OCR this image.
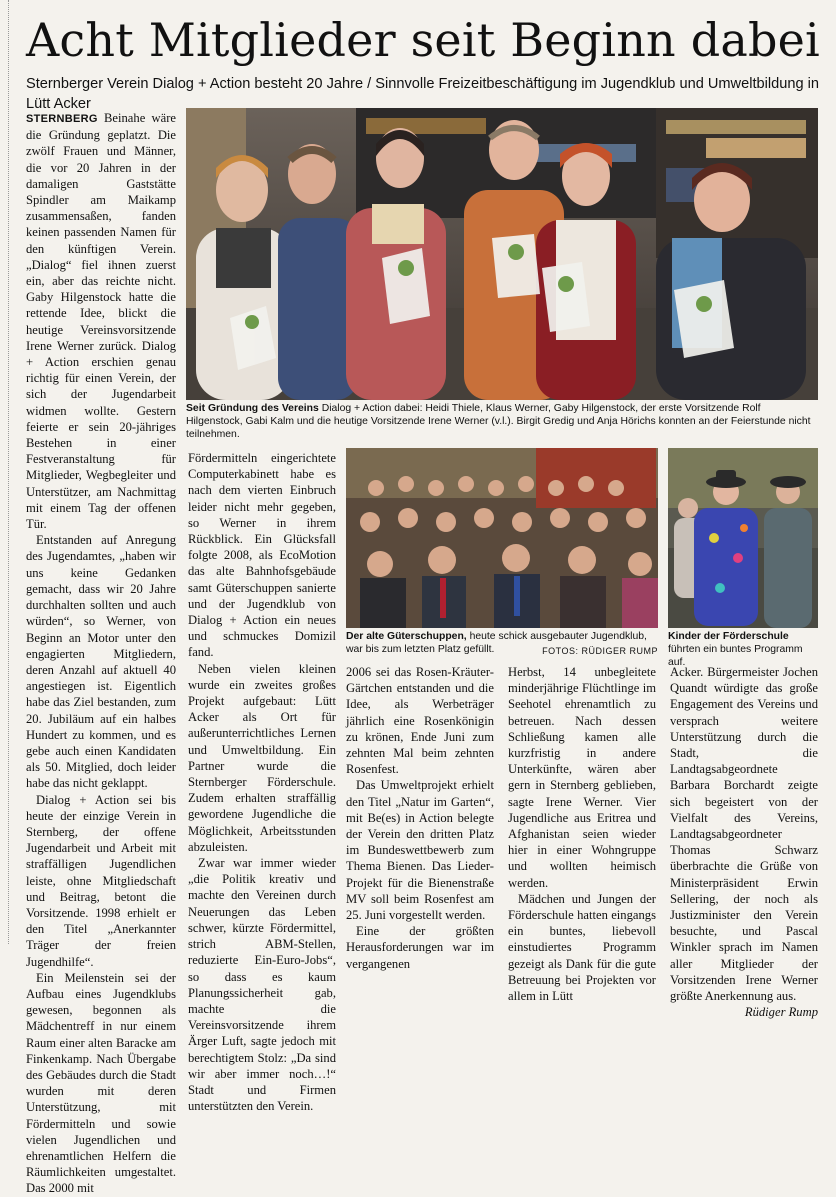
Acht Mitglieder seit Beginn dabei

Sternberger Verein Dialog + Action besteht 20 Jahre / Sinnvolle Freizeitbeschäftigung im Jugendklub und Umweltbildung in Lütt Acker

STERNBERG Beinahe wäre die Gründung geplatzt. Die zwölf Frauen und Männer, die vor 20 Jahren in der damaligen Gaststätte Spindler am Maikamp zusammensaßen, fanden keinen passenden Namen für den künftigen Verein. „Dialog“ fiel ihnen zuerst ein, aber das reichte nicht. Gaby Hilgenstock hatte die rettende Idee, blickt die heutige Vereinsvorsitzende Irene Werner zurück. Dialog + Action erschien genau richtig für einen Verein, der sich der Jugendarbeit widmen wollte. Gestern feierte er sein 20-jähriges Bestehen in einer Festveranstaltung für Mitglieder, Wegbegleiter und Unterstützer, am Nachmittag mit einem Tag der offenen Tür.

Entstanden auf Anregung des Jugendamtes, „haben wir uns keine Gedanken gemacht, dass wir 20 Jahre durchhalten sollten und auch würden“, so Werner, von Beginn an Motor unter den engagierten Mitgliedern, deren Anzahl auf aktuell 40 angestiegen ist. Eigentlich habe das Ziel bestanden, zum 20. Jubiläum auf ein halbes Hundert zu kommen, und es gebe auch einen Kandidaten als 50. Mitglied, doch leider habe das nicht geklappt.

Dialog + Action sei bis heute der einzige Verein in Sternberg, der offene Jugendarbeit und Arbeit mit straffälligen Jugendlichen leiste, ohne Mitgliedschaft und Beitrag, betont die Vorsitzende. 1998 erhielt er den Titel „Anerkannter Träger der freien Jugendhilfe“.

Ein Meilenstein sei der Aufbau eines Jugendklubs gewesen, begonnen als Mädchentreff in nur einem Raum einer alten Baracke am Finkenkamp. Nach Übergabe des Gebäudes durch die Stadt wurden mit deren Unterstützung, mit Fördermitteln und sowie vielen Jugendlichen und ehrenamtlichen Helfern die Räumlichkeiten umgestaltet. Das 2000 mit

Seit Gründung des Vereins Dialog + Action dabei: Heidi Thiele, Klaus Werner, Gaby Hilgenstock, der erste Vorsitzende Rolf Hilgenstock, Gabi Kalm und die heutige Vorsitzende Irene Werner (v.l.). Birgit Gredig und Anja Hörichs konnten an der Feierstunde nicht teilnehmen.

Fördermitteln eingerichtete Computerkabinett habe es nach dem vierten Einbruch leider nicht mehr gegeben, so Werner in ihrem Rückblick. Ein Glücksfall folgte 2008, als EcoMotion das alte Bahnhofsgebäude samt Güterschuppen sanierte und der Jugendklub von Dialog + Action ein neues und schmuckes Domizil fand.

Neben vielen kleinen wurde ein zweites großes Projekt aufgebaut: Lütt Acker als Ort für außerunterrichtliches Lernen und Umweltbildung. Ein Partner wurde die Sternberger Förderschule. Zudem erhalten straffällig gewordene Jugendliche die Möglichkeit, Arbeitsstunden abzuleisten.

Zwar war immer wieder „die Politik kreativ und machte den Vereinen durch Neuerungen das Leben schwer, kürzte Fördermittel, strich ABM-Stellen, reduzierte Ein-Euro-Jobs“, so dass es kaum Planungssicherheit gab, machte die Vereinsvorsitzende ihrem Ärger Luft, sagte jedoch mit berechtigtem Stolz: „Da sind wir aber immer noch…!“ Stadt und Firmen unterstützten den Verein.

Der alte Güterschuppen, heute schick ausgebauter Jugendklub, war bis zum letzten Platz gefüllt.	FOTOS: RÜDIGER RUMP
Kinder der Förderschule führten ein buntes Programm auf.

2006 sei das Rosen-Kräuter-Gärtchen entstanden und die Idee, als Werbeträger jährlich eine Rosenkönigin zu krönen, Ende Juni zum zehnten Mal beim zehnten Rosenfest.

Das Umweltprojekt erhielt den Titel „Natur im Garten“, mit Be(es) in Action belegte der Verein den dritten Platz im Bundeswettbewerb zum Thema Bienen. Das Lieder-Projekt für die Bienenstraße MV soll beim Rosenfest am 25. Juni vorgestellt werden.

Eine der größten Herausforderungen war im vergangenen

Herbst, 14 unbegleitete minderjährige Flüchtlinge im Seehotel ehrenamtlich zu betreuen. Nach dessen Schließung kamen alle kurzfristig in andere Unterkünfte, wären aber gern in Sternberg geblieben, sagte Irene Werner. Vier Jugendliche aus Eritrea und Afghanistan seien wieder hier in einer Wohngruppe und wollten heimisch werden.

Mädchen und Jungen der Förderschule hatten eingangs ein buntes, liebevoll einstudiertes Programm gezeigt als Dank für die gute Betreuung bei Projekten vor allem in Lütt

Acker. Bürgermeister Jochen Quandt würdigte das große Engagement des Vereins und versprach weitere Unterstützung durch die Stadt, die Landtagsabgeordnete Barbara Borchardt zeigte sich begeistert von der Vielfalt des Vereins, Landtagsabgeordneter Thomas Schwarz überbrachte die Grüße von Ministerpräsident Erwin Sellering, der noch als Justizminister den Verein besuchte, und Pascal Winkler sprach im Namen aller Mitglieder der Vorsitzenden Irene Werner größte Anerkennung aus.
Rüdiger Rump
